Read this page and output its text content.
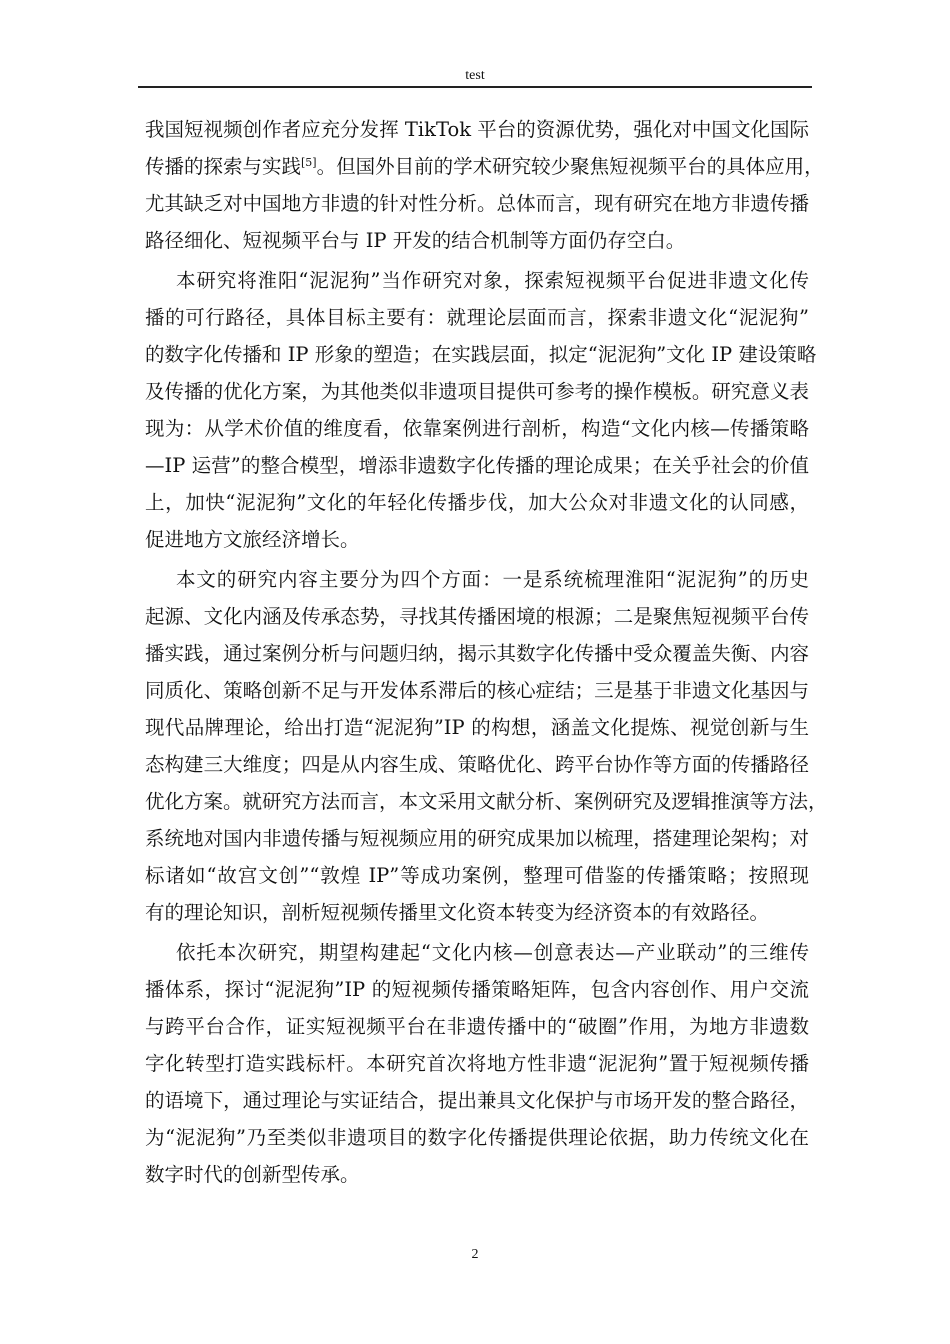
test
我国短视频创作者应充分发挥 TikTok 平台的资源优势，强化对中国文化国际
传播的探索与实践[5]。但国外目前的学术研究较少聚焦短视频平台的具体应用，
尤其缺乏对中国地方非遗的针对性分析。总体而言，现有研究在地方非遗传播
路径细化、短视频平台与 IP 开发的结合机制等方面仍存空白。
本研究将淮阳“泥泥狗”当作研究对象，探索短视频平台促进非遗文化传
播的可行路径，具体目标主要有：就理论层面而言，探索非遗文化“泥泥狗”
的数字化传播和 IP 形象的塑造；在实践层面，拟定“泥泥狗”文化 IP 建设策略
及传播的优化方案，为其他类似非遗项目提供可参考的操作模板。研究意义表
现为：从学术价值的维度看，依靠案例进行剖析，构造“文化内核—传播策略
—IP 运营”的整合模型，增添非遗数字化传播的理论成果；在关乎社会的价值
上，加快“泥泥狗”文化的年轻化传播步伐，加大公众对非遗文化的认同感，
促进地方文旅经济增长。
本文的研究内容主要分为四个方面：一是系统梳理淮阳“泥泥狗”的历史
起源、文化内涵及传承态势，寻找其传播困境的根源；二是聚焦短视频平台传
播实践，通过案例分析与问题归纳，揭示其数字化传播中受众覆盖失衡、内容
同质化、策略创新不足与开发体系滞后的核心症结；三是基于非遗文化基因与
现代品牌理论，给出打造“泥泥狗”IP 的构想，涵盖文化提炼、视觉创新与生
态构建三大维度；四是从内容生成、策略优化、跨平台协作等方面的传播路径
优化方案。就研究方法而言，本文采用文献分析、案例研究及逻辑推演等方法，
系统地对国内非遗传播与短视频应用的研究成果加以梳理，搭建理论架构；对
标诸如“故宫文创”“敦煌 IP”等成功案例，整理可借鉴的传播策略；按照现
有的理论知识，剖析短视频传播里文化资本转变为经济资本的有效路径。
依托本次研究，期望构建起“文化内核—创意表达—产业联动”的三维传
播体系，探讨“泥泥狗”IP 的短视频传播策略矩阵，包含内容创作、用户交流
与跨平台合作，证实短视频平台在非遗传播中的“破圈”作用，为地方非遗数
字化转型打造实践标杆。本研究首次将地方性非遗“泥泥狗”置于短视频传播
的语境下，通过理论与实证结合，提出兼具文化保护与市场开发的整合路径，
为“泥泥狗”乃至类似非遗项目的数字化传播提供理论依据，助力传统文化在
数字时代的创新型传承。
2
